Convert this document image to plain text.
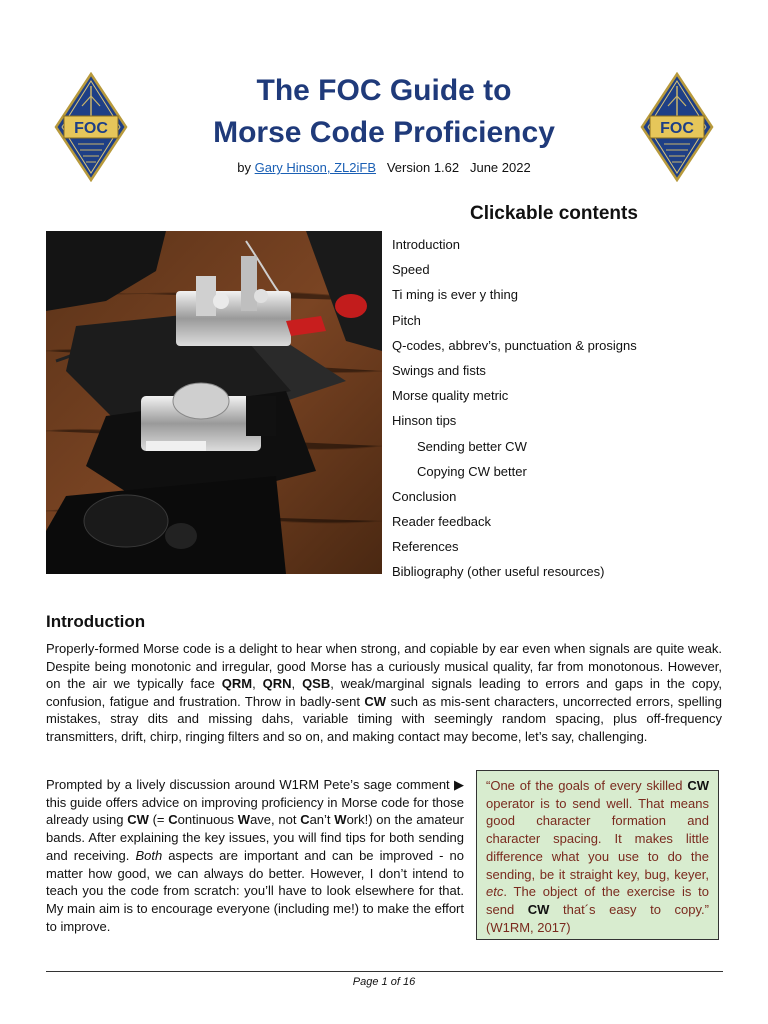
FOC	FOC
The FOC Guide to
Morse Code Proficiency
by Gary Hinson, ZL2iFB   Version 1.62   June 2022
Clickable contents
Introduction
Speed
Ti ming is ever y thing
Pitch
Q-codes, abbrev’s, punctuation & prosigns
Swings and fists
Morse quality metric
Hinson tips
Sending better CW
Copying CW better
Conclusion
Reader feedback
References
Bibliography (other useful resources)
Introduction

Properly-formed Morse code is a delight to hear when strong, and copiable by ear even when signals are quite weak. Despite being monotonic and irregular, good Morse has a curiously musical quality, far from monotonous. However, on the air we typically face QRM, QRN, QSB, weak/marginal signals leading to errors and gaps in the copy, confusion, fatigue and frustration. Throw in badly-sent CW such as mis-sent characters, uncorrected errors, spelling mistakes, stray dits and missing dahs, variable timing with seemingly random spacing, plus off-frequency transmitters, drift, chirp, ringing filters and so on, and making contact may become, let’s say, challenging.

Prompted by a lively discussion around W1RM Pete’s sage comment ▶ this guide offers advice on improving proficiency in Morse code for those already using CW (= Continuous Wave, not Can’t Work!) on the amateur bands. After explaining the key issues, you will find tips for both sending and receiving. Both aspects are important and can be improved - no matter how good, we can always do better. However, I don’t intend to teach you the code from scratch: you’ll have to look elsewhere for that. My main aim is to encourage everyone (including me!) to make the effort to improve.

“One of the goals of every skilled CW operator is to send well. That means good character formation and character spacing. It makes little difference what you use to do the sending, be it straight key, bug, keyer, etc. The object of the exercise is to send CW that´s easy to copy.” (W1RM, 2017)
Page 1 of 16
